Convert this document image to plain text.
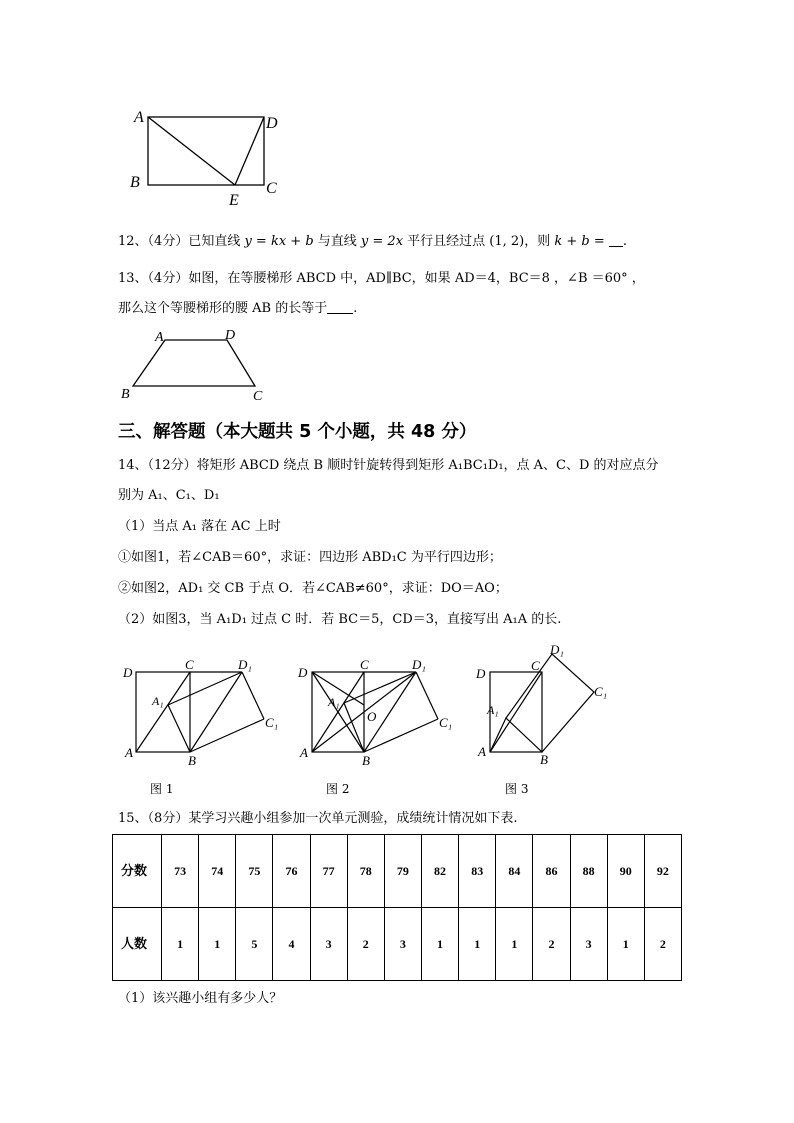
A	D
B	C
E
12、（4分）已知直线 y = kx + b 与直线 y = 2x 平行且经过点 (1, 2)，则 k + b = .
13、（4分）如图，在等腰梯形 ABCD 中，AD∥BC，如果 AD＝4，BC＝8 ，∠B ＝60° ，
那么这个等腰梯形的腰 AB 的长等于 .
A	D
B	C
三、解答题（本大题共 5 个小题，共 48 分）
14、（12分）将矩形 ABCD 绕点 B 顺时针旋转得到矩形 A₁BC₁D₁，点 A、C、D 的对应点分
别为 A₁、C₁、D₁
（1）当点 A₁ 落在 AC 上时
①如图1，若∠CAB＝60°，求证：四边形 ABD₁C 为平行四边形；
②如图2，AD₁ 交 CB 于点 O．若∠CAB≠60°，求证：DO＝AO；
（2）如图3，当 A₁D₁ 过点 C 时．若 BC＝5，CD＝3，直接写出 A₁A 的长.
D
C	D₁
A₁
C₁
A
B
D
C	D₁
A₁
O	C₁
A
B
D
C
D₁
A₁
C₁
A
B
图 1	图 2	图 3
15、（8分）某学习兴趣小组参加一次单元测验，成绩统计情况如下表.
分数	73	74	75	76	77	78	79	82	83	84	86	88	90	92
人数	1	1	5	4	3	2	3	1	1	1	2	3	1	2
（1）该兴趣小组有多少人？
